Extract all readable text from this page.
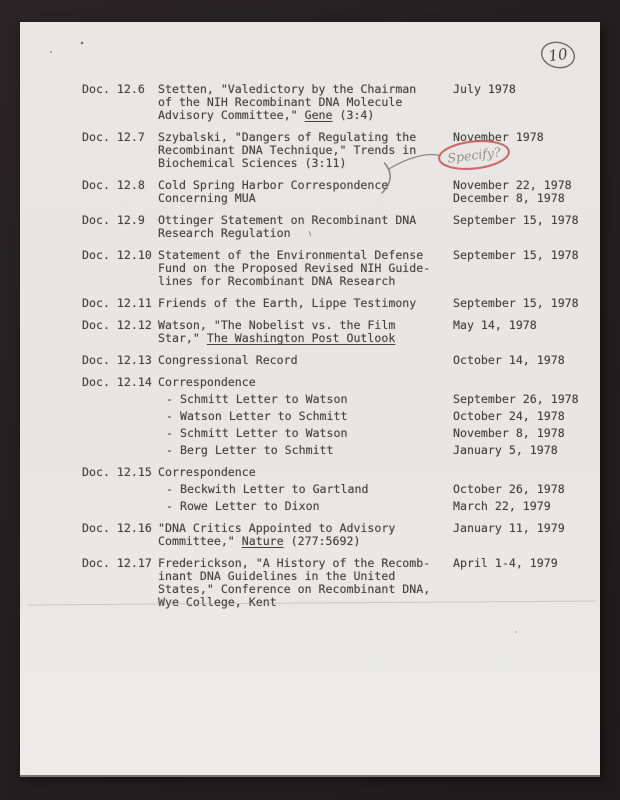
Doc. 12.6	Stetten, "Valedictory by the Chairman	July 1978
of the NIH Recombinant DNA Molecule
Advisory Committee," Gene (3:4)
Doc. 12.7	Szybalski, "Dangers of Regulating the	November 1978
Recombinant DNA Technique," Trends in
Biochemical Sciences (3:11)
Doc. 12.8	Cold Spring Harbor Correspondence	November 22, 1978
Concerning MUA	December 8, 1978
Doc. 12.9	Ottinger Statement on Recombinant DNA	September 15, 1978
Research Regulation
Doc. 12.10 Statement of the Environmental Defense	September 15, 1978
Fund on the Proposed Revised NIH Guide-
lines for Recombinant DNA Research
Doc. 12.11 Friends of the Earth, Lippe Testimony	September 15, 1978
Doc. 12.12 Watson, "The Nobelist vs. the Film	May 14, 1978
Star," The Washington Post Outlook
Doc. 12.13 Congressional Record	October 14, 1978
Doc. 12.14 Correspondence
- Schmitt Letter to Watson	September 26, 1978
- Watson Letter to Schmitt	October 24, 1978
- Schmitt Letter to Watson	November 8, 1978
- Berg Letter to Schmitt	January 5, 1978
Doc. 12.15 Correspondence
- Beckwith Letter to Gartland	October 26, 1978
- Rowe Letter to Dixon	March 22, 1979
Doc. 12.16 "DNA Critics Appointed to Advisory	January 11, 1979
Committee," Nature (277:5692)
Doc. 12.17 Frederickson, "A History of the Recomb-	April 1-4, 1979
inant DNA Guidelines in the United
States," Conference on Recombinant DNA,
Wye College, Kent
10
Specify?
